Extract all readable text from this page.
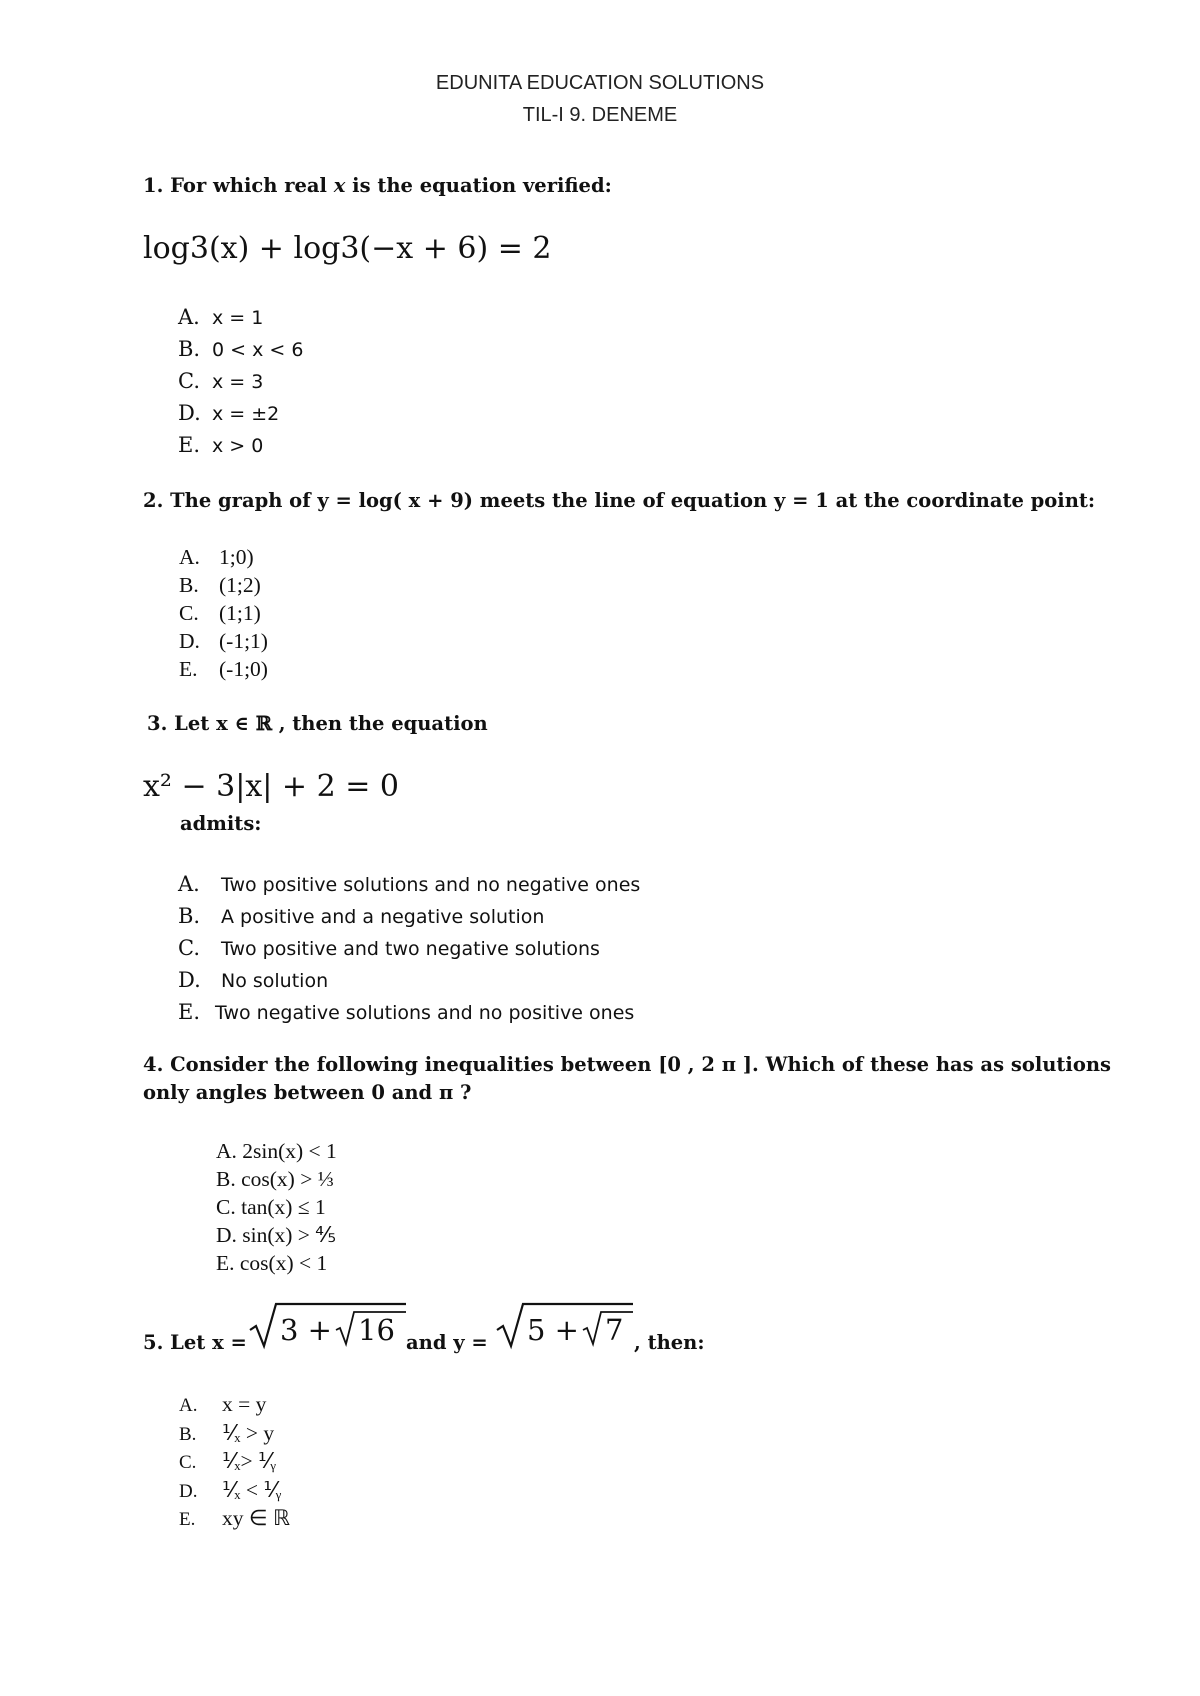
EDUNITA EDUCATION SOLUTIONS
TIL-I 9. DENEME
1. For which real x is the equation verified:
log3(x) + log3(−x + 6) = 2
A. x = 1
B. 0 < x < 6
C. x = 3
D. x = ±2
E. x > 0
2. The graph of y = log( x + 9) meets the line of equation y = 1 at the coordinate point:
A. 1;0)
B. (1;2)
C. (1;1)
D. (-1;1)
E. (-1;0)
3. Let x ∈ ℝ , then the equation
x² − 3|x| + 2 = 0
admits:
A. Two positive solutions and no negative ones
B. A positive and a negative solution
C. Two positive and two negative solutions
D. No solution
E. Two negative solutions and no positive ones
4. Consider the following inequalities between [0 , 2 π ]. Which of these has as solutions
only angles between 0 and π ?
A. 2sin(x) < 1
B. cos(x) > ⅓
C. tan(x) ≤ 1
D. sin(x) > ⅘
E. cos(x) < 1
5. Let x = 3 + 16 and y = 5 + 7 , then:
A. x = y
B. ⅟ₓ > y
C. ⅟ₓ> ⅟ᵧ
D. ⅟ₓ < ⅟ᵧ
E. xy ∈ ℝ
